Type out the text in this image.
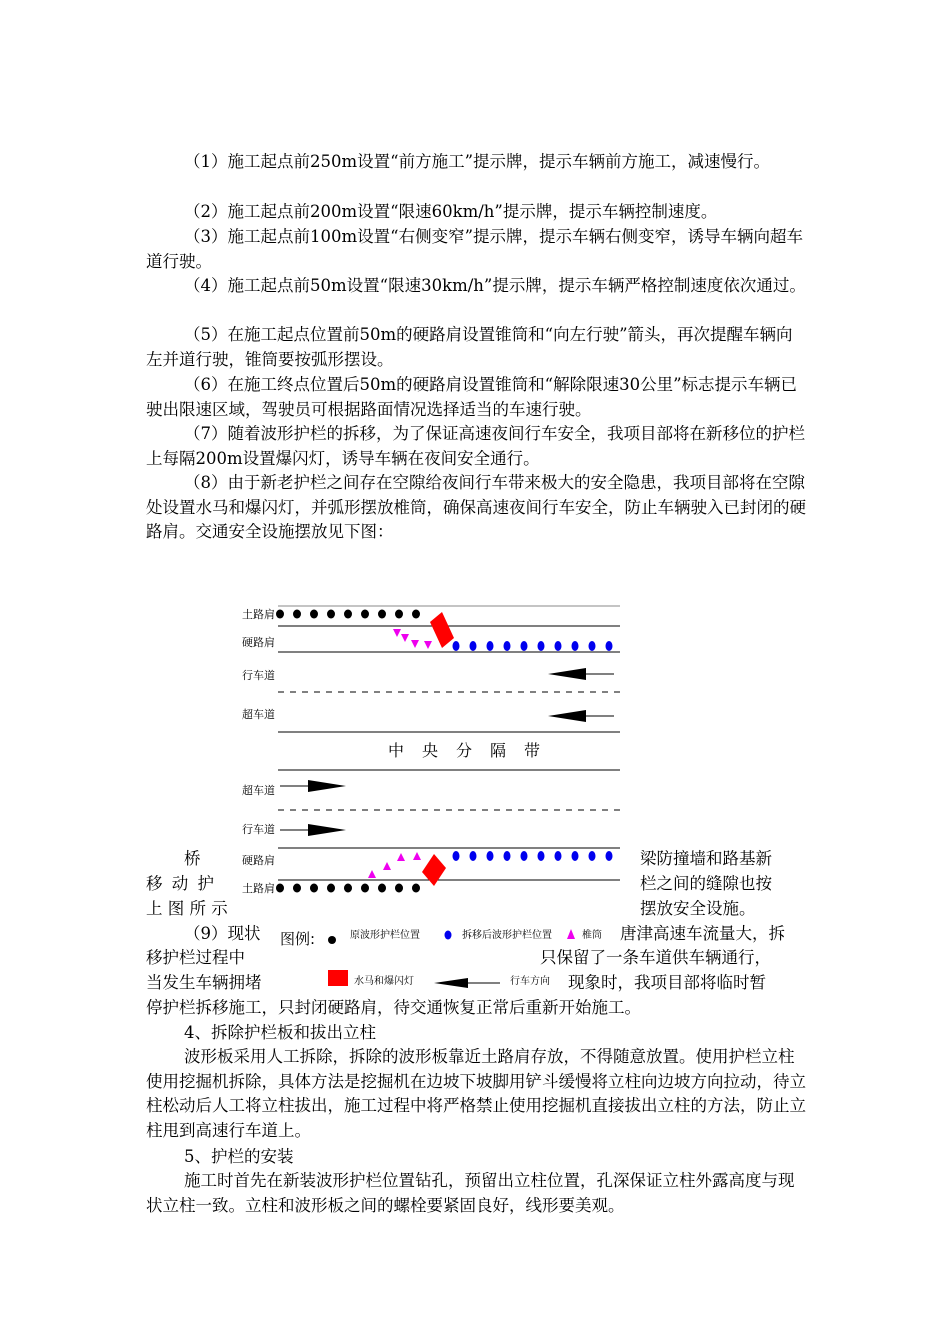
（1）施工起点前250m设置“前方施工”提示牌，提示车辆前方施工，减速慢行。

（2）施工起点前200m设置“限速60km/h”提示牌，提示车辆控制速度。

（3）施工起点前100m设置“右侧变窄”提示牌，提示车辆右侧变窄，诱导车辆向超车道行驶。

（4）施工起点前50m设置“限速30km/h”提示牌，提示车辆严格控制速度依次通过。

（5）在施工起点位置前50m的硬路肩设置锥筒和“向左行驶”箭头，再次提醒车辆向左并道行驶，锥筒要按弧形摆设。

（6）在施工终点位置后50m的硬路肩设置锥筒和“解除限速30公里”标志提示车辆已驶出限速区域，驾驶员可根据路面情况选择适当的车速行驶。

（7）随着波形护栏的拆移，为了保证高速夜间行车安全，我项目部将在新移位的护栏上每隔200m设置爆闪灯，诱导车辆在夜间安全通行。

（8）由于新老护栏之间存在空隙给夜间行车带来极大的安全隐患，我项目部将在空隙处设置水马和爆闪灯，并弧形摆放椎筒，确保高速夜间行车安全，防止车辆驶入已封闭的硬路肩。交通安全设施摆放见下图：

土路肩
硬路肩
行车道
超车道
中央分隔带
超车道
行车道
硬路肩
土路肩
图例:	原波形护栏位置	拆移后波形护栏位置	椎筒
水马和爆闪灯	行车方向

桥	梁防撞墙和路基新

移 动 护	栏之间的缝隙也按

上 图 所 示	摆放安全设施。

（9）现状	唐津高速车流量大，拆

移护栏过程中	只保留了一条车道供车辆通行，

当发生车辆拥堵	现象时，我项目部将临时暂

停护栏拆移施工，只封闭硬路肩，待交通恢复正常后重新开始施工。

4、拆除护栏板和拔出立柱

波形板采用人工拆除，拆除的波形板靠近土路肩存放，不得随意放置。使用护栏立柱使用挖掘机拆除，具体方法是挖掘机在边坡下坡脚用铲斗缓慢将立柱向边坡方向拉动，待立柱松动后人工将立柱拔出，施工过程中将严格禁止使用挖掘机直接拔出立柱的方法，防止立柱甩到高速行车道上。

5、护栏的安装

施工时首先在新装波形护栏位置钻孔，预留出立柱位置，孔深保证立柱外露高度与现状立柱一致。立柱和波形板之间的螺栓要紧固良好，线形要美观。
